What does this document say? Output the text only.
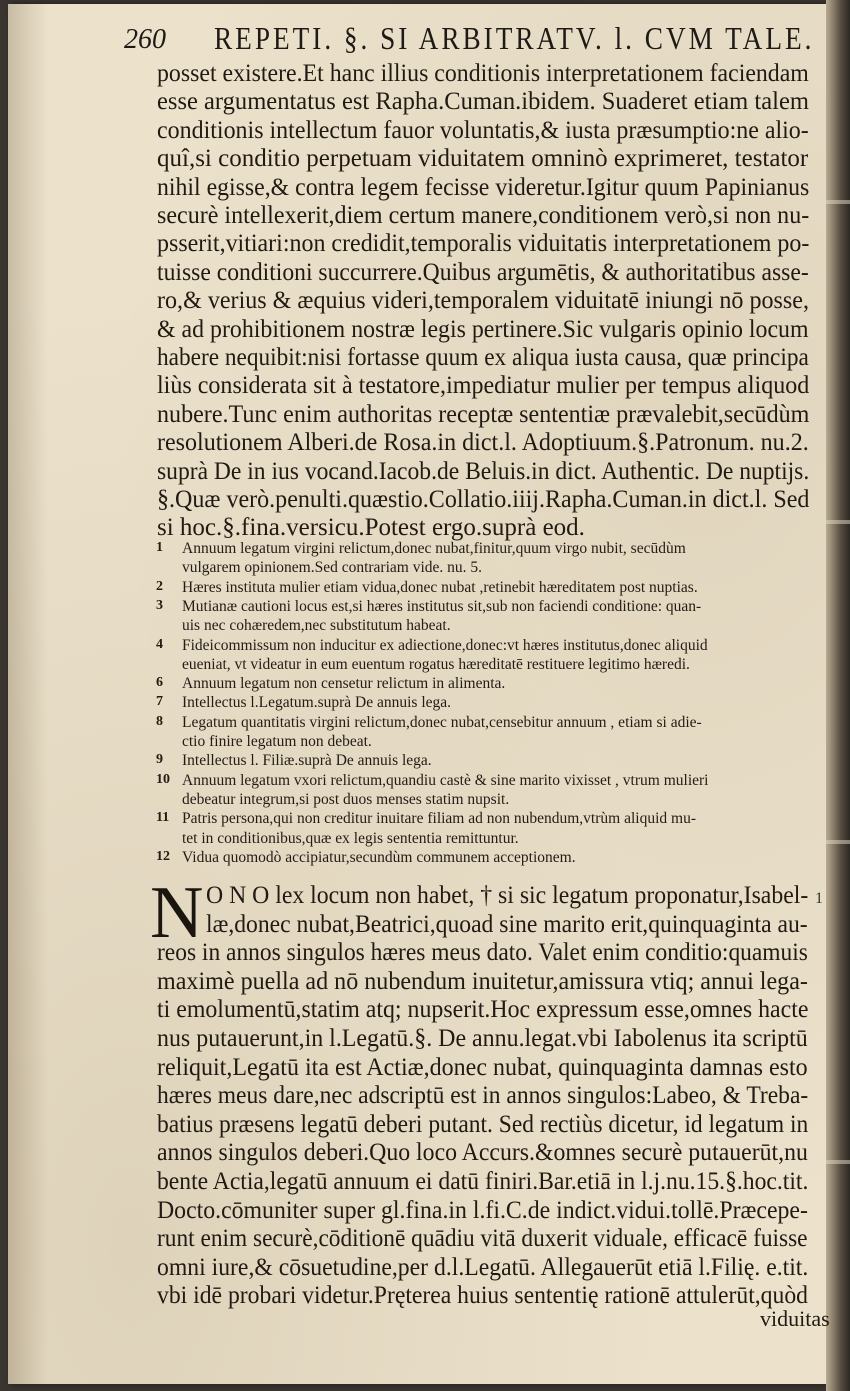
260 REPETI. §. SI ARBITRATV. l. CVM TALE.
posset existere.Et hanc illius conditionis interpretationem faciendam
esse argumentatus est Rapha.Cuman.ibidem. Suaderet etiam talem
conditionis intellectum fauor voluntatis,& iusta præsumptio:ne alio-
quî,si conditio perpetuam viduitatem omninò exprimeret, testator
nihil egisse,& contra legem fecisse videretur.Igitur quum Papinianus
securè intellexerit,diem certum manere,conditionem verò,si non nu-
psserit,vitiari:non credidit,temporalis viduitatis interpretationem po-
tuisse conditioni succurrere.Quibus argumētis, & authoritatibus asse-
ro,& verius & æquius videri,temporalem viduitatē iniungi nō posse,
& ad prohibitionem nostræ legis pertinere.Sic vulgaris opinio locum
habere nequibit:nisi fortasse quum ex aliqua iusta causa, quæ principa
liùs considerata sit à testatore,impediatur mulier per tempus aliquod
nubere.Tunc enim authoritas receptæ sententiæ prævalebit,secūdùm
resolutionem Alberi.de Rosa.in dict.l. Adoptiuum.§.Patronum. nu.2.
suprà De in ius vocand.Iacob.de Beluis.in dict. Authentic. De nuptijs.
§.Quæ verò.penulti.quæstio.Collatio.iiij.Rapha.Cuman.in dict.l. Sed
si hoc.§.fina.versicu.Potest ergo.suprà eod.
1 Annuum legatum virgini relictum,donec nubat,finitur,quum virgo nubit, secūdùm
vulgarem opinionem.Sed contrariam vide. nu. 5.
2 Hæres instituta mulier etiam vidua,donec nubat ,retinebit hæreditatem post nuptias.
3 Mutianæ cautioni locus est,si hæres institutus sit,sub non faciendi conditione: quan-
uis nec cohæredem,nec substitutum habeat.
4 Fideicommissum non inducitur ex adiectione,donec:vt hæres institutus,donec aliquid
eueniat, vt videatur in eum euentum rogatus hæreditatē restituere legitimo hæredi.
6 Annuum legatum non censetur relictum in alimenta.
7 Intellectus l.Legatum.suprà De annuis lega.
8 Legatum quantitatis virgini relictum,donec nubat,censebitur annuum , etiam si adie-
ctio finire legatum non debeat.
9 Intellectus l. Filiæ.suprà De annuis lega.
10 Annuum legatum vxori relictum,quandiu castè & sine marito vixisset , vtrum mulieri
debeatur integrum,si post duos menses statim nupsit.
11 Patris persona,qui non creditur inuitare filiam ad non nubendum,vtrùm aliquid mu-
tet in conditionibus,quæ ex legis sententia remittuntur.
12 Vidua quomodò accipiatur,secundùm communem acceptionem.
N	1
O N O lex locum non habet, † si sic legatum proponatur,Isabel-
læ,donec nubat,Beatrici,quoad sine marito erit,quinquaginta au-
reos in annos singulos hæres meus dato. Valet enim conditio:quamuis
maximè puella ad nō nubendum inuitetur,amissura vtiq; annui lega-
ti emolumentū,statim atq; nupserit.Hoc expressum esse,omnes hacte
nus putauerunt,in l.Legatū.§. De annu.legat.vbi Iabolenus ita scriptū
reliquit,Legatū ita est Actiæ,donec nubat, quinquaginta damnas esto
hæres meus dare,nec adscriptū est in annos singulos:Labeo, & Treba-
batius præsens legatū deberi putant. Sed rectiùs dicetur, id legatum in
annos singulos deberi.Quo loco Accurs.&omnes securè putauerūt,nu
bente Actia,legatū annuum ei datū finiri.Bar.etiā in l.j.nu.15.§.hoc.tit.
Docto.cōmuniter super gl.fina.in l.fi.C.de indict.vidui.tollē.Præcepe-
runt enim securè,cōditionē quādiu vitā duxerit viduale, efficacē fuisse
omni iure,& cōsuetudine,per d.l.Legatū. Allegauerūt etiā l.Filię. e.tit.
vbi idē probari videtur.Pręterea huius sententię rationē attulerūt,quòd
viduitas
